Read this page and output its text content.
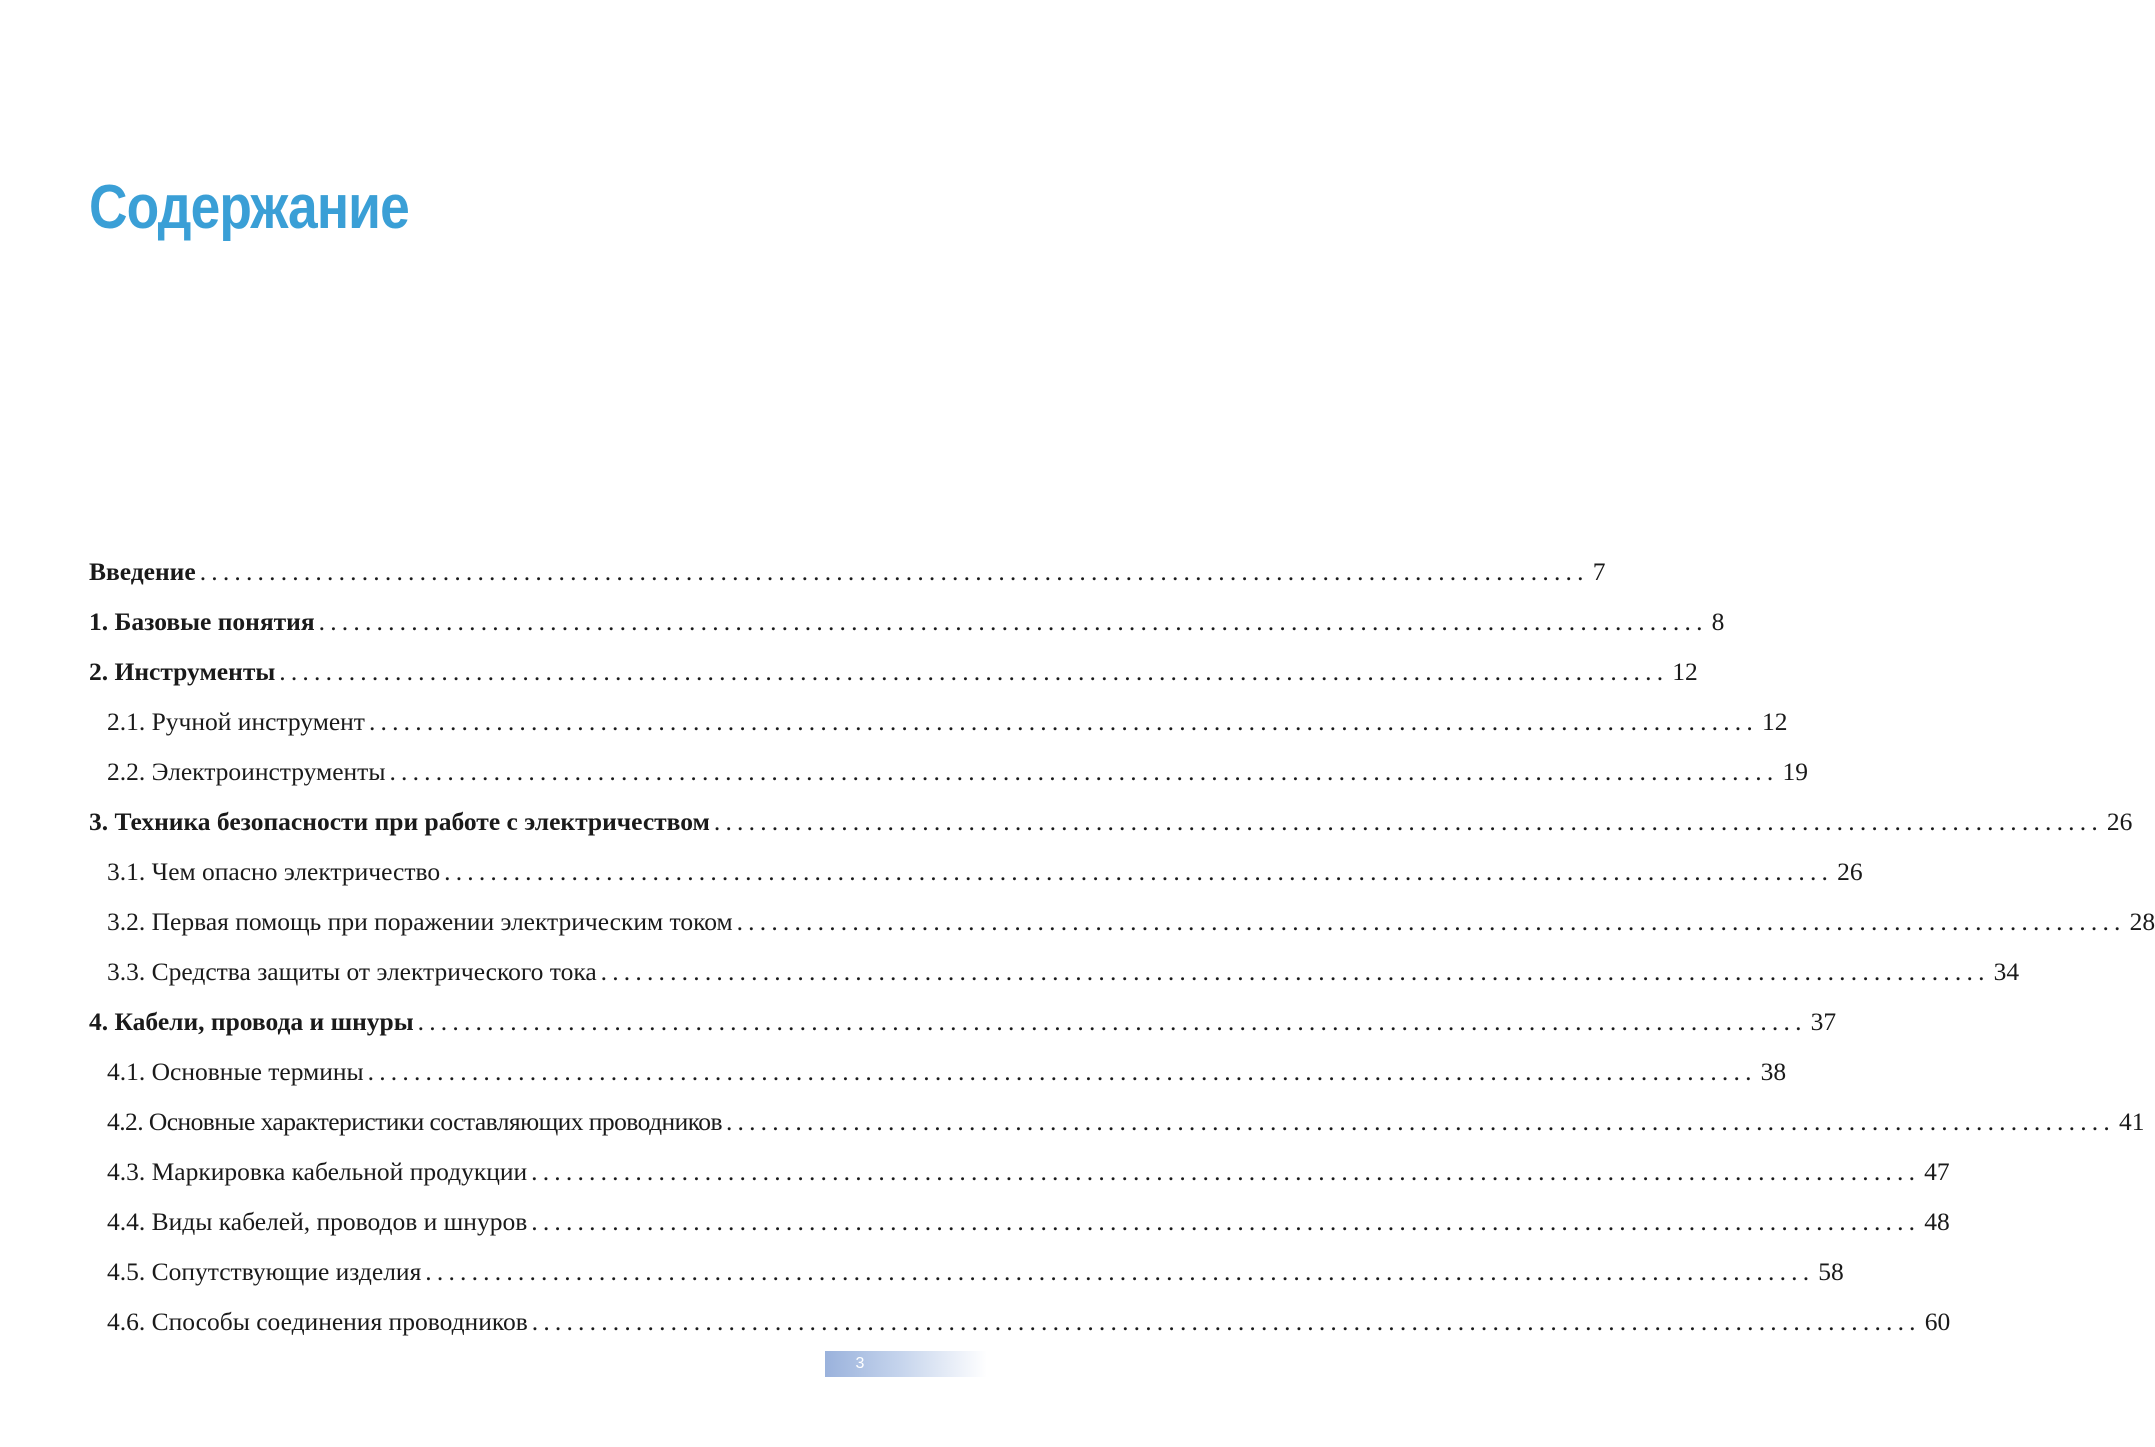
Содержание
Введение ........................................................................................................................ 7
1. Базовые понятия ........................................................................................................................ 8
2. Инструменты ........................................................................................................................ 12
2.1. Ручной инструмент ........................................................................................................................ 12
2.2. Электроинструменты ........................................................................................................................ 19
3. Техника безопасности при работе с электричеством ........................................................................................................................ 26
3.1. Чем опасно электричество ........................................................................................................................ 26
3.2. Первая помощь при поражении электрическим током ........................................................................................................................ 28
3.3. Средства защиты от электрического тока ........................................................................................................................ 34
4. Кабели, провода и шнуры ........................................................................................................................ 37
4.1. Основные термины ........................................................................................................................ 38
4.2. Основные характеристики составляющих проводников ........................................................................................................................ 41
4.3. Маркировка кабельной продукции ........................................................................................................................ 47
4.4. Виды кабелей, проводов и шнуров ........................................................................................................................ 48
4.5. Сопутствующие изделия ........................................................................................................................ 58
4.6. Способы соединения проводников ........................................................................................................................ 60
3
